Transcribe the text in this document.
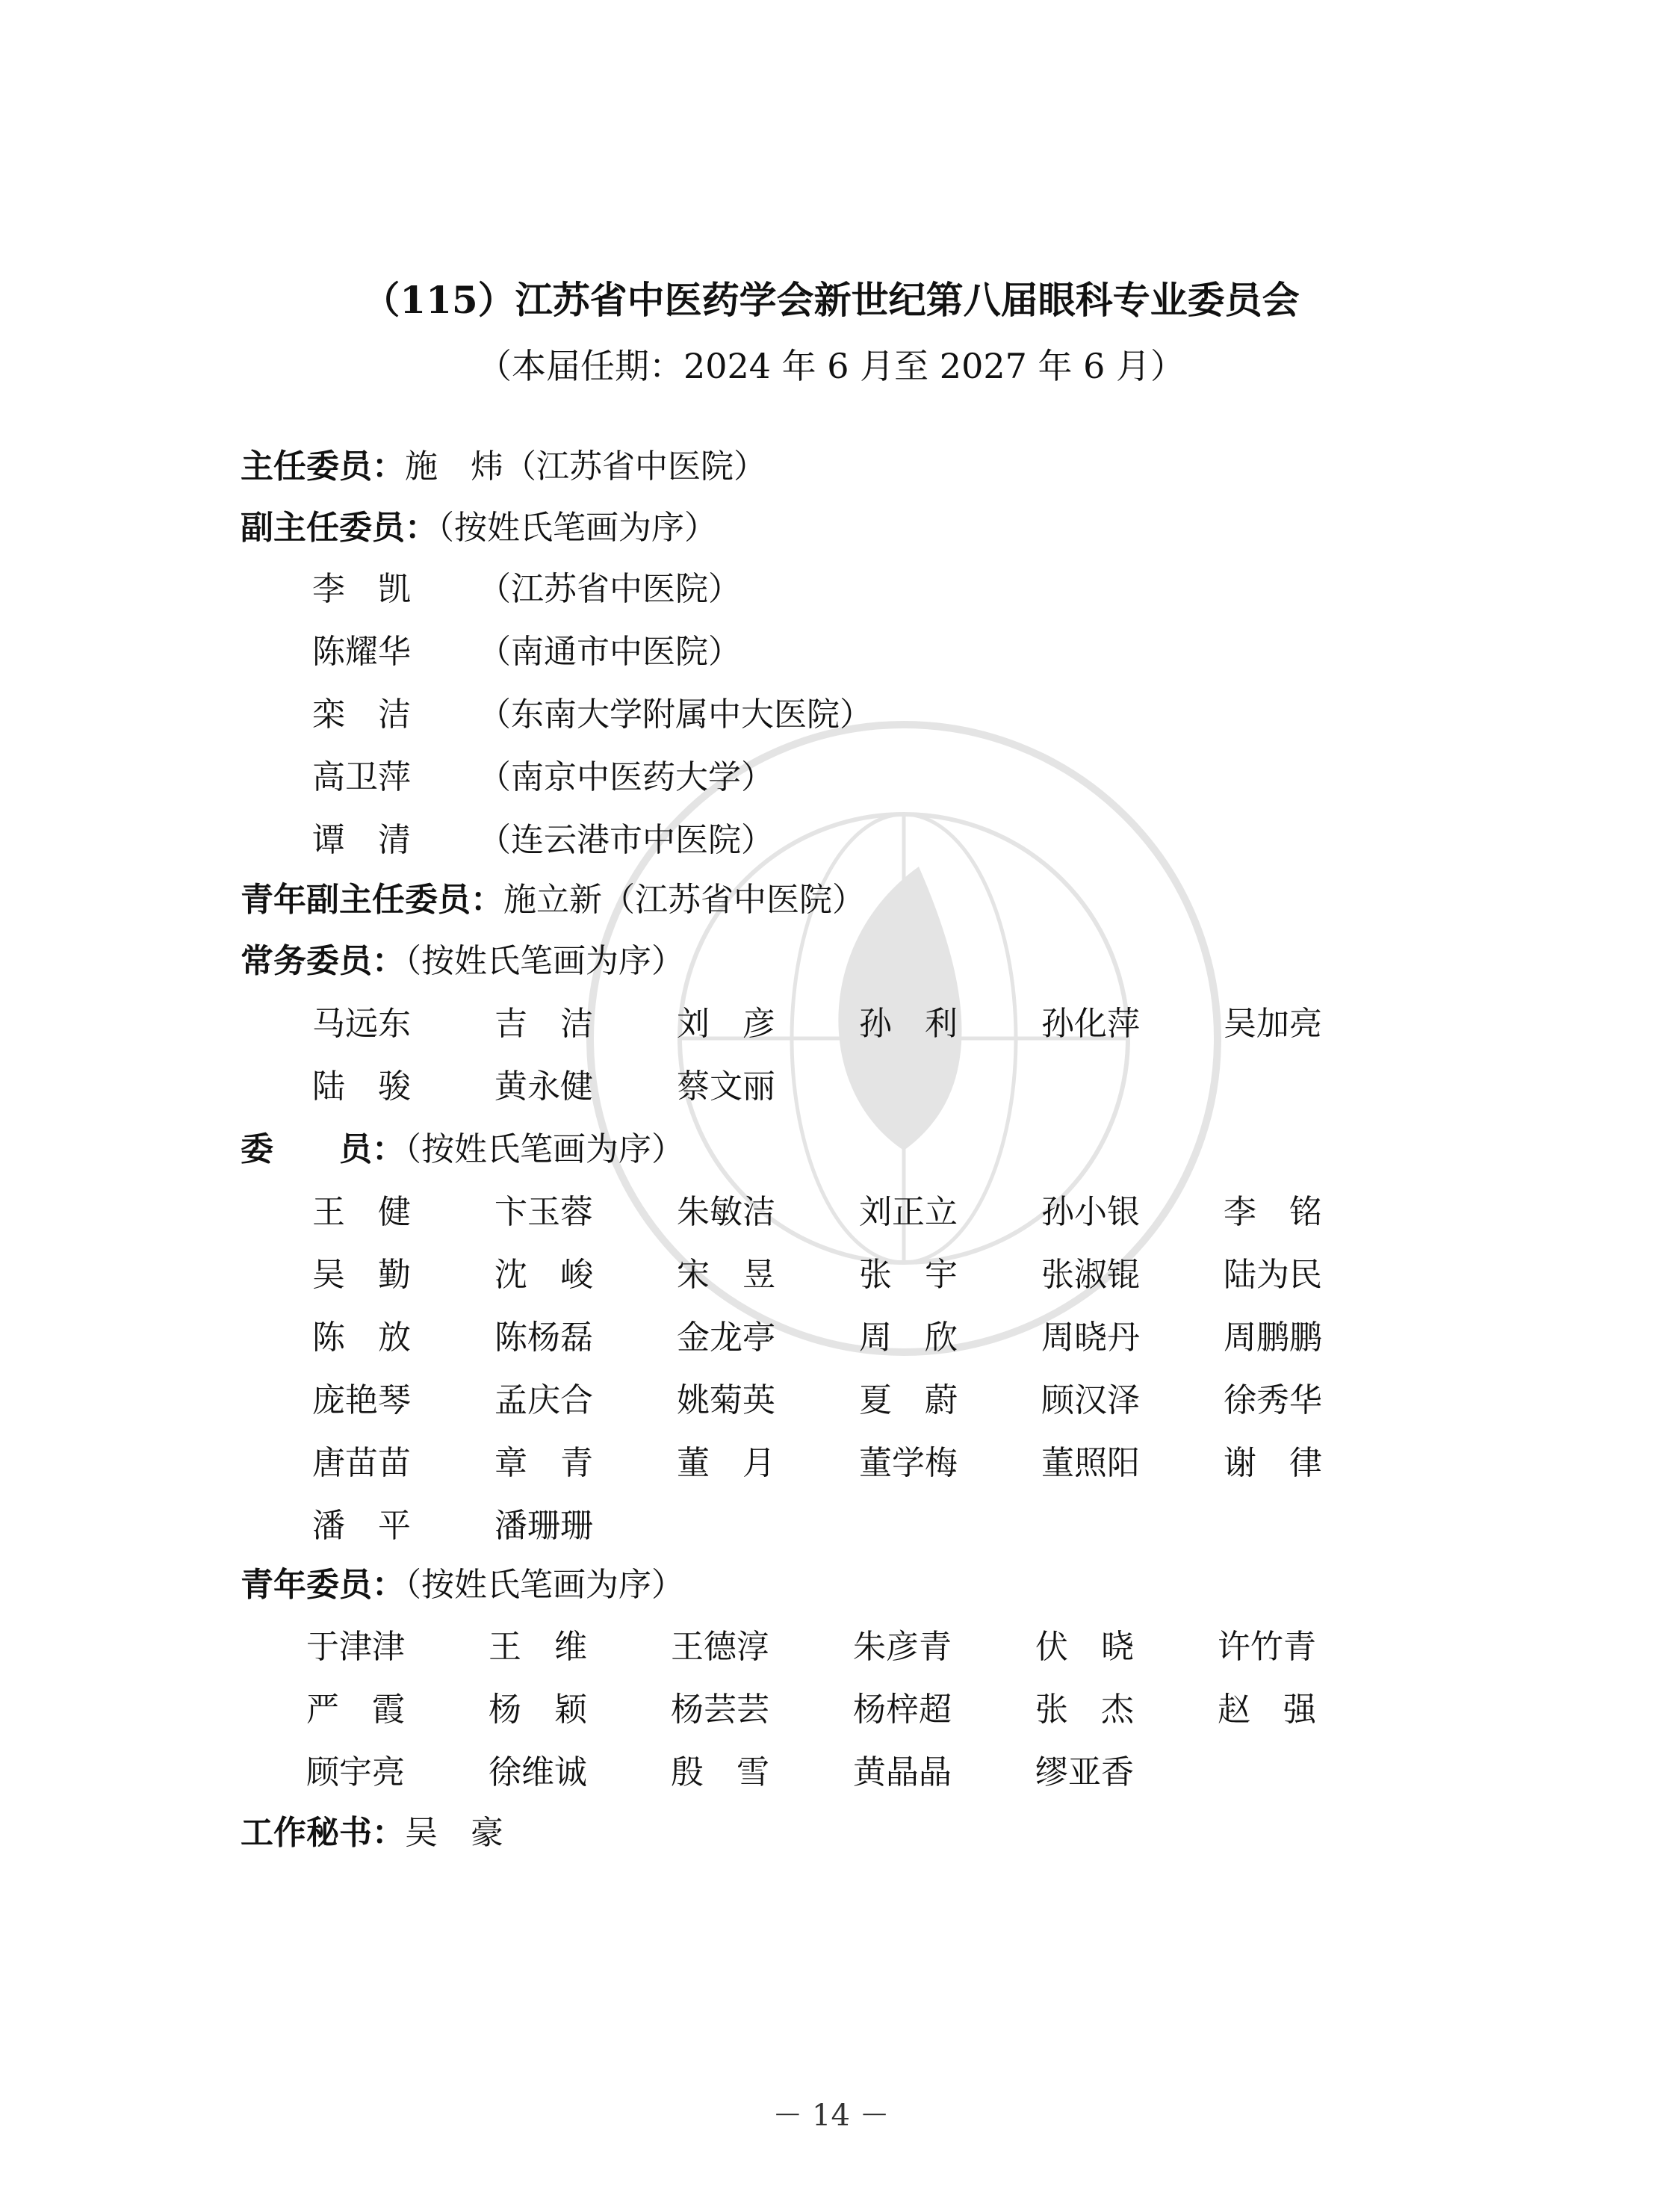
（115）江苏省中医药学会新世纪第八届眼科专业委员会
（本届任期：2024 年 6 月至 2027 年 6 月）
主任委员：施　炜（江苏省中医院）
副主任委员：（按姓氏笔画为序）
李　凯 （江苏省中医院）
陈耀华 （南通市中医院）
栾　洁 （东南大学附属中大医院）
高卫萍 （南京中医药大学）
谭　清 （连云港市中医院）
青年副主任委员：施立新（江苏省中医院）
常务委员：（按姓氏笔画为序）
马远东	吉　洁	刘　彦	孙　利	孙化萍	吴加亮
陆　骏	黄永健	蔡文丽
委　　员：（按姓氏笔画为序）
王　健	卞玉蓉	朱敏洁	刘正立	孙小银	李　铭
吴　勤	沈　峻	宋　昱	张　宇	张淑锟	陆为民
陈　放	陈杨磊	金龙亭	周　欣	周晓丹	周鹏鹏
庞艳琴	孟庆合	姚菊英	夏　蔚	顾汉泽	徐秀华
唐苗苗	章　青	董　月	董学梅	董照阳	谢　律
潘　平	潘珊珊
青年委员：（按姓氏笔画为序）
于津津	王　维	王德淳	朱彦青	伏　晓	许竹青
严　霞	杨　颖	杨芸芸	杨梓超	张　杰	赵　强
顾宇亮	徐维诚	殷　雪	黄晶晶	缪亚香
工作秘书：吴　豪
－ 14 －
